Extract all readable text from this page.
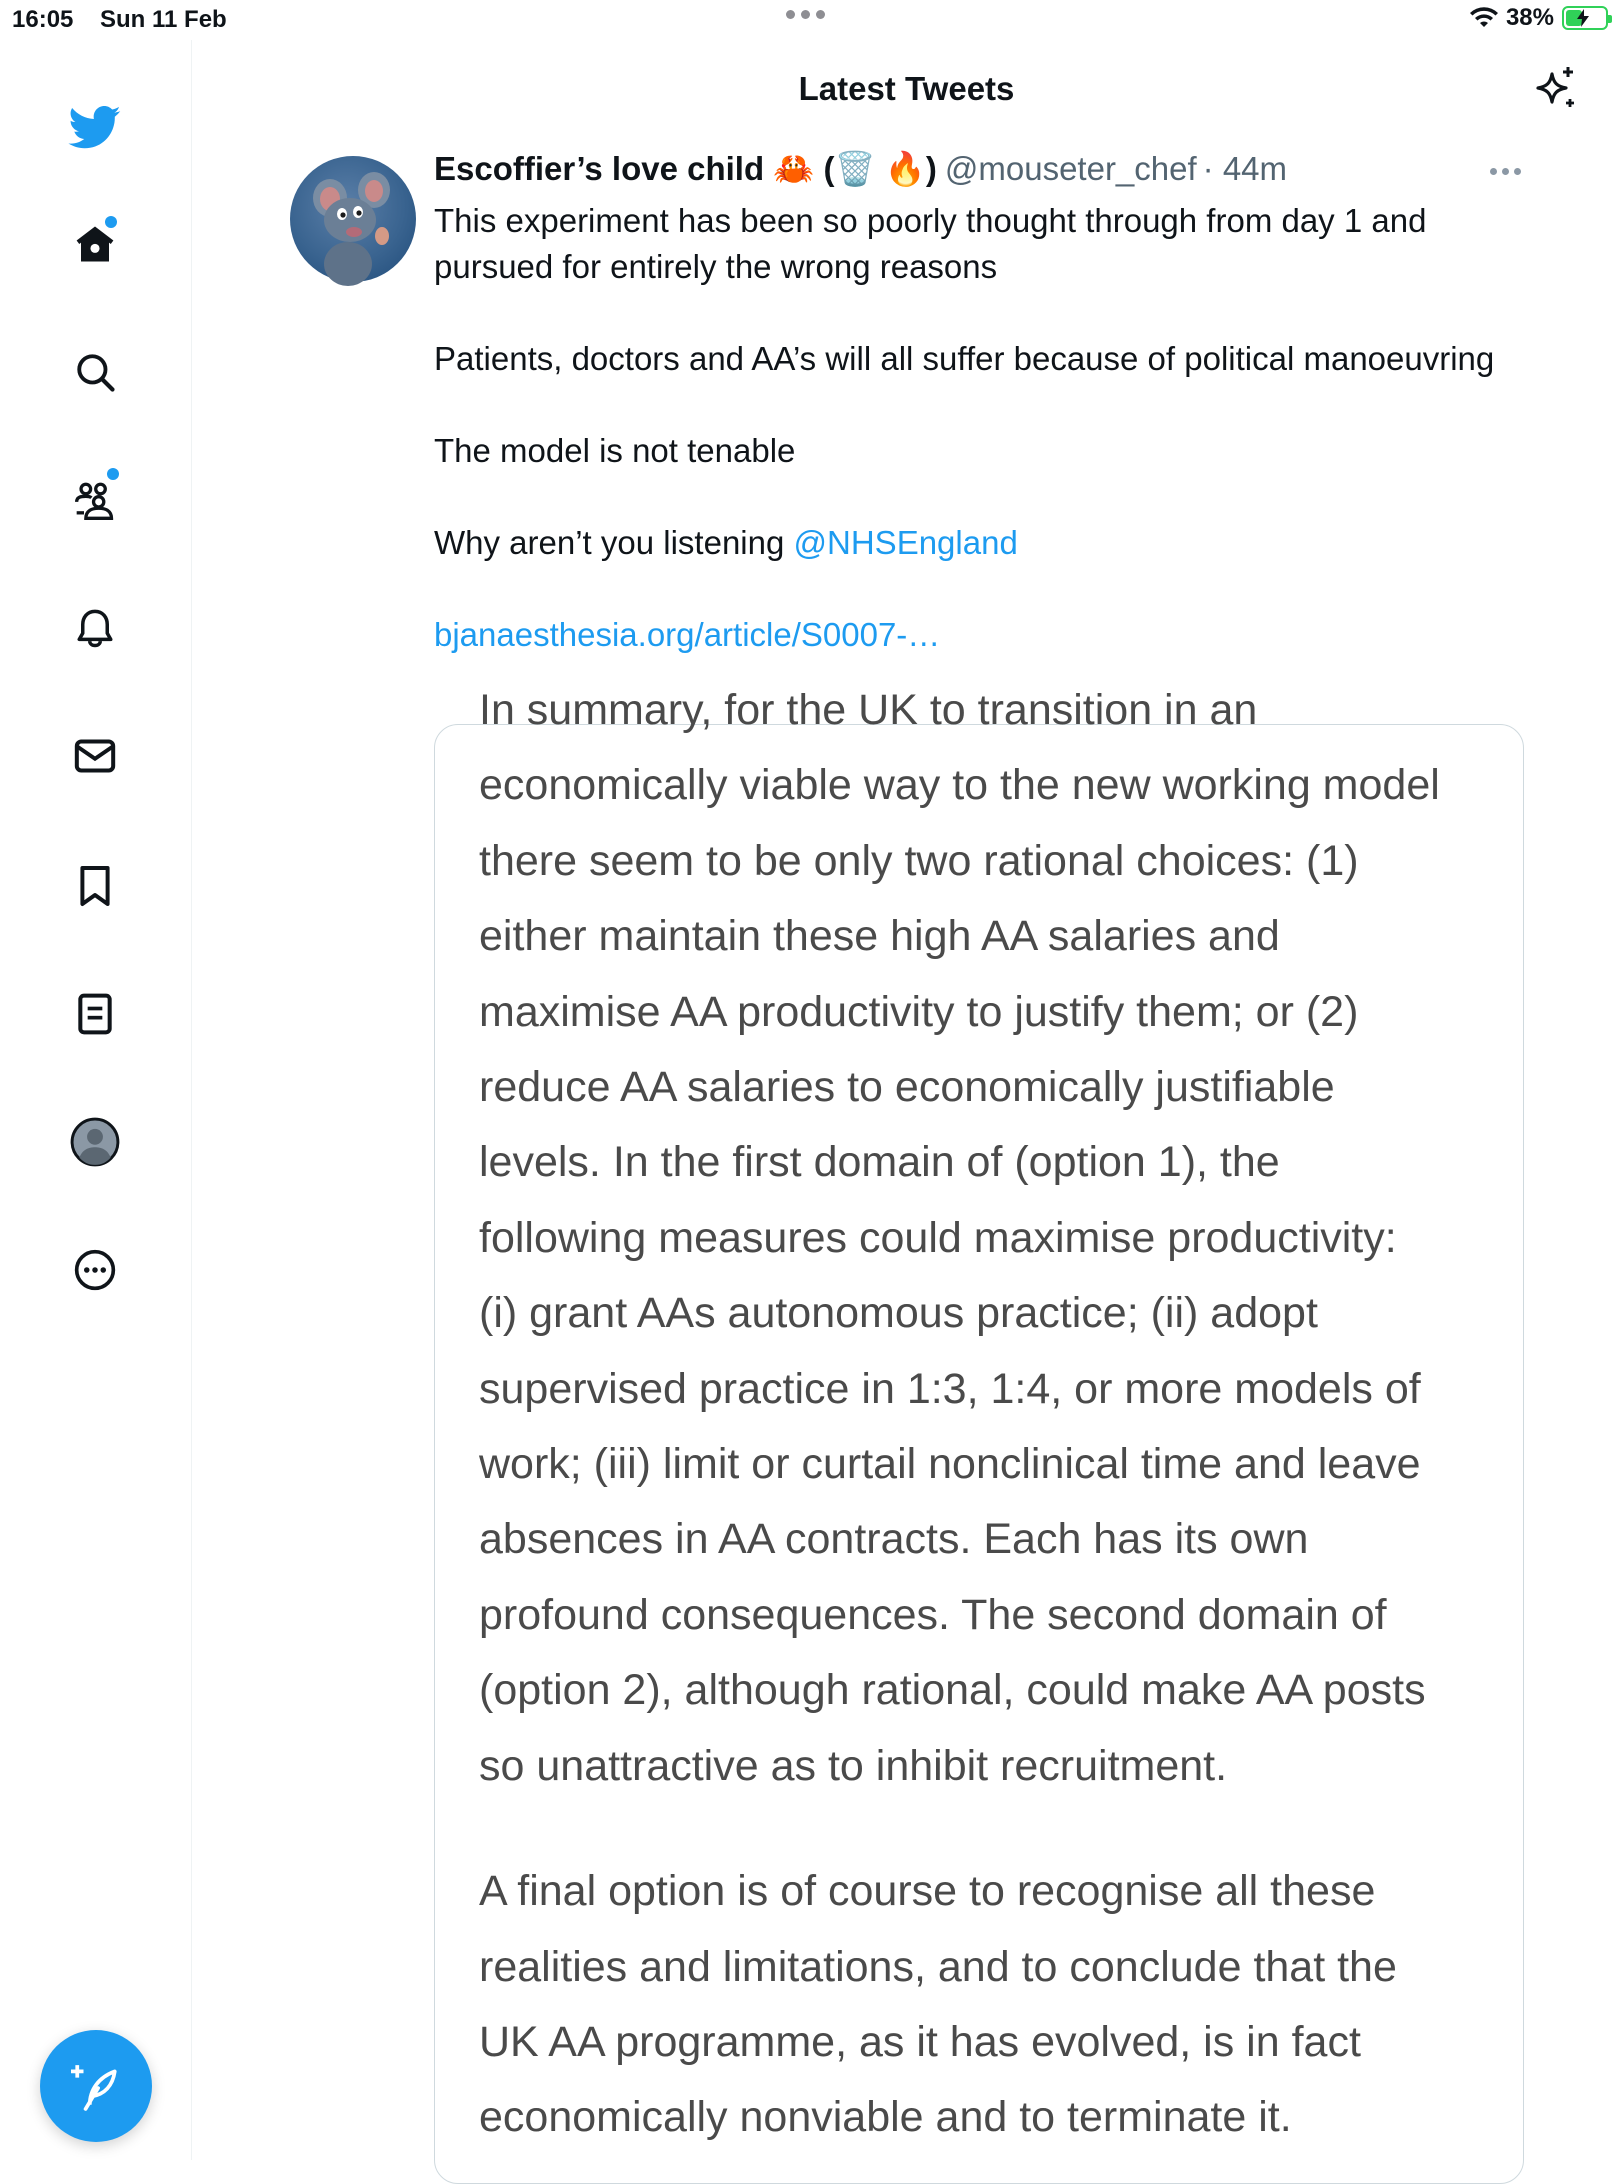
16:05 Sun 11 Feb	38%
Latest Tweets
Escoffier’s love child 🦀 (🗑️ 🔥) @mouseter_chef · 44m

This experiment has been so poorly thought through from day 1 and pursued for entirely the wrong reasons

Patients, doctors and AA’s will all suffer because of political manoeuvring

The model is not tenable

Why aren’t you listening @NHSEngland

bjanaesthesia.org/article/S0007-…

In summary, for the UK to transition in an

economically viable way to the new working model

there seem to be only two rational choices: (1)

either maintain these high AA salaries and

maximise AA productivity to justify them; or (2)

reduce AA salaries to economically justifiable

levels. In the first domain of (option 1), the

following measures could maximise productivity:

(i) grant AAs autonomous practice; (ii) adopt

supervised practice in 1:3, 1:4, or more models of

work; (iii) limit or curtail nonclinical time and leave

absences in AA contracts. Each has its own

profound consequences. The second domain of

(option 2), although rational, could make AA posts

so unattractive as to inhibit recruitment.

A final option is of course to recognise all these

realities and limitations, and to conclude that the

UK AA programme, as it has evolved, is in fact

economically nonviable and to terminate it.
